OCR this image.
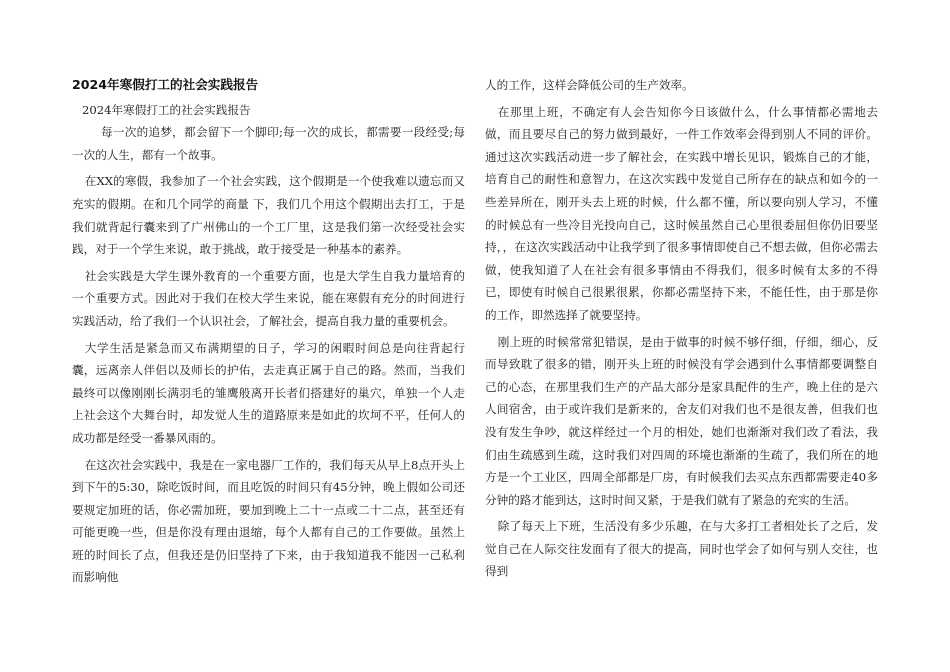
2024年寒假打工的社会实践报告
2024年寒假打工的社会实践报告

每一次的追梦，都会留下一个脚印;每一次的成长，都需要一段经受;每一次的人生，都有一个故事。

在XX的寒假，我参加了一个社会实践，这个假期是一个使我难以遗忘而又充实的假期。在和几个同学的商量 下，我们几个用这个假期出去打工，于是我们就背起行囊来到了广州佛山的一个工厂里，这是我们第一次经受社会实践，对于一个学生来说，敢于挑战，敢于接受是一种基本的素养。

社会实践是大学生课外教育的一个重要方面，也是大学生自我力量培育的一个重要方式。因此对于我们在校大学生来说，能在寒假有充分的时间进行实践活动，给了我们一个认识社会，了解社会，提高自我力量的重要机会。

大学生活是紧急而又布满期望的日子，学习的闲暇时间总是向往背起行囊，远离亲人伴侣以及师长的护佑，去走真正属于自己的路。然而，当我们最终可以像刚刚长满羽毛的雏鹰般离开长者们搭建好的巢穴，单独一个人走上社会这个大舞台时，却发觉人生的道路原来是如此的坎坷不平，任何人的成功都是经受一番暴风雨的。

在这次社会实践中，我是在一家电器厂工作的，我们每天从早上8点开头上到下午的5:30，除吃饭时间，而且吃饭的时间只有45分钟，晚上假如公司还要规定加班的话，你必需加班，要加到晚上二十一点或二十二点，甚至还有可能更晚一些，但是你没有理由退缩，每个人都有自己的工作要做。虽然上班的时间长了点，但我还是仍旧坚持了下来，由于我知道我不能因一己私利而影响他

人的工作，这样会降低公司的生产效率。

在那里上班，不确定有人会告知你今日该做什么，什么事情都必需地去做，而且要尽自己的努力做到最好，一件工作效率会得到别人不同的评价。通过这次实践活动进一步了解社会，在实践中增长见识，锻炼自己的才能，培育自己的耐性和意智力，在这次实践中发觉自己所存在的缺点和如今的一些差异所在，刚开头去上班的时候，什么都不懂，所以要向别人学习，不懂的时候总有一些冷目光投向自己，这时候虽然自己心里很委屈但你仍旧要坚持，，在这次实践活动中让我学到了很多事情即使自己不想去做，但你必需去做，使我知道了人在社会有很多事情由不得我们，很多时候有太多的不得已，即使有时候自己很累很累，你都必需坚持下来，不能任性，由于那是你的工作，即然选择了就要坚持。

刚上班的时候常常犯错误，是由于做事的时候不够仔细，仔细，细心，反而导致耽了很多的错，刚开头上班的时候没有学会遇到什么事情都要调整自己的心态，在那里我们生产的产品大部分是家具配件的生产，晚上住的是六人间宿舍，由于或许我们是新来的，舍友们对我们也不是很友善，但我们也没有发生争吵，就这样经过一个月的相处，她们也渐渐对我们改了看法，我们由生疏感到生疏，这时我们对四周的环境也渐渐的生疏了，我们所在的地方是一个工业区，四周全部都是厂房，有时候我们去买点东西都需要走40多分钟的路才能到达，这时时间又紧，于是我们就有了紧急的充实的生活。

除了每天上下班，生活没有多少乐趣，在与大多打工者相处长了之后，发觉自己在人际交往发面有了很大的提高，同时也学会了如何与别人交往，也得到
